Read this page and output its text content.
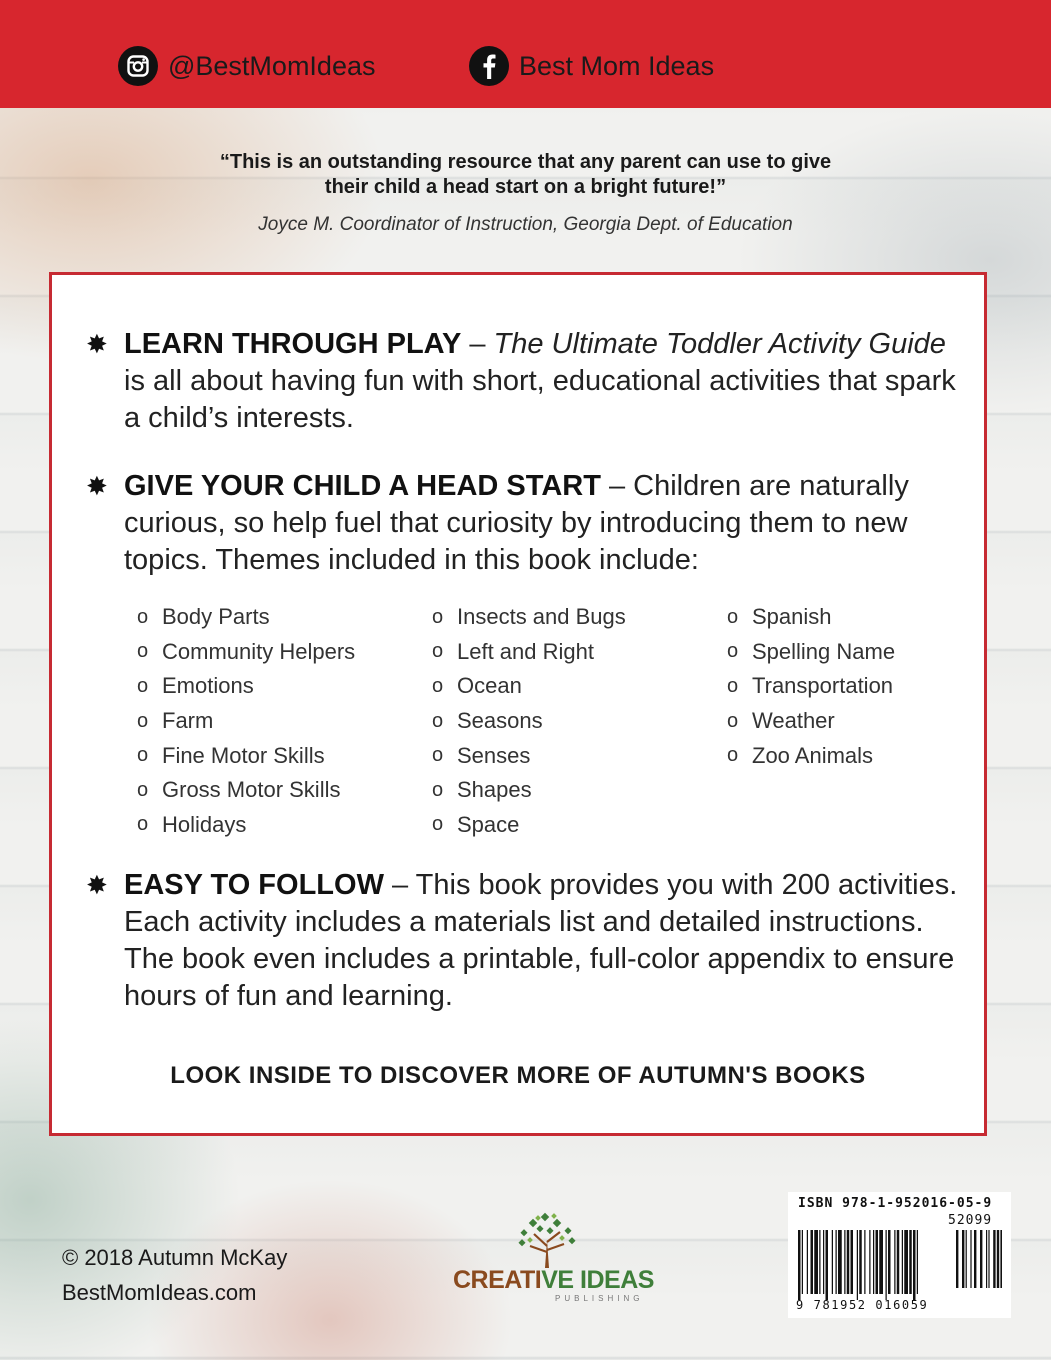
@BestMomIdeas	Best Mom Ideas
“This is an outstanding resource that any parent can use to give
their child a head start on a bright future!”
Joyce M. Coordinator of Instruction, Georgia Dept. of Education
✸ LEARN THROUGH PLAY – The Ultimate Toddler Activity Guide is all about having fun with short, educational activities that spark a child’s interests.
✸ GIVE YOUR CHILD A HEAD START – Children are naturally curious, so help fuel that curiosity by introducing them to new topics. Themes included in this book include:
o Body Parts
o Community Helpers
o Emotions
o Farm
o Fine Motor Skills
o Gross Motor Skills
o Holidays
o Insects and Bugs
o Left and Right
o Ocean
o Seasons
o Senses
o Shapes
o Space
o Spanish
o Spelling Name
o Transportation
o Weather
o Zoo Animals
✸ EASY TO FOLLOW – This book provides you with 200 activities. Each activity includes a materials list and detailed instructions. The book even includes a printable, full-color appendix to ensure hours of fun and learning.
LOOK INSIDE TO DISCOVER MORE OF AUTUMN'S BOOKS
© 2018 Autumn McKay
BestMomIdeas.com	CREATIVE IDEAS
PUBLISHING
ISBN 978-1-952016-05-9
52099
9 781952 016059
